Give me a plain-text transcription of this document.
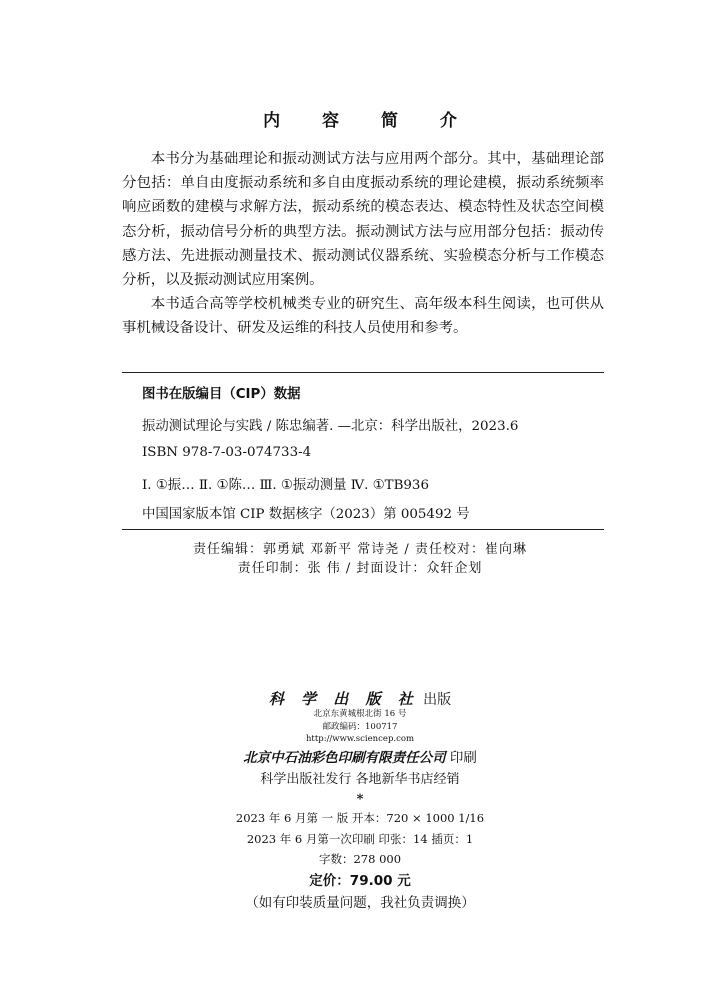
内 容 简 介

本书分为基础理论和振动测试方法与应用两个部分。其中，基础理论部分包括：单自由度振动系统和多自由度振动系统的理论建模，振动系统频率响应函数的建模与求解方法，振动系统的模态表达、模态特性及状态空间模态分析，振动信号分析的典型方法。振动测试方法与应用部分包括：振动传感方法、先进振动测量技术、振动测试仪器系统、实验模态分析与工作模态分析，以及振动测试应用案例。

本书适合高等学校机械类专业的研究生、高年级本科生阅读，也可供从事机械设备设计、研发及运维的科技人员使用和参考。

图书在版编目（CIP）数据
振动测试理论与实践 / 陈忠编著. —北京：科学出版社，2023.6
ISBN 978-7-03-074733-4
Ⅰ. ①振… Ⅱ. ①陈… Ⅲ. ①振动测量 Ⅳ. ①TB936
中国国家版本馆 CIP 数据核字（2023）第 005492 号
责任编辑：郭勇斌 邓新平 常诗尧 / 责任校对：崔向琳
责任印制：张 伟 / 封面设计：众轩企划
科 学 出 版 社 出版
北京东黄城根北街 16 号
邮政编码：100717
http://www.sciencep.com
北京中石油彩色印刷有限责任公司 印刷
科学出版社发行 各地新华书店经销
*
2023 年 6 月第 一 版 开本：720 × 1000 1/16
2023 年 6 月第一次印刷 印张：14 插页：1
字数：278 000
定价：79.00 元
（如有印装质量问题，我社负责调换）
